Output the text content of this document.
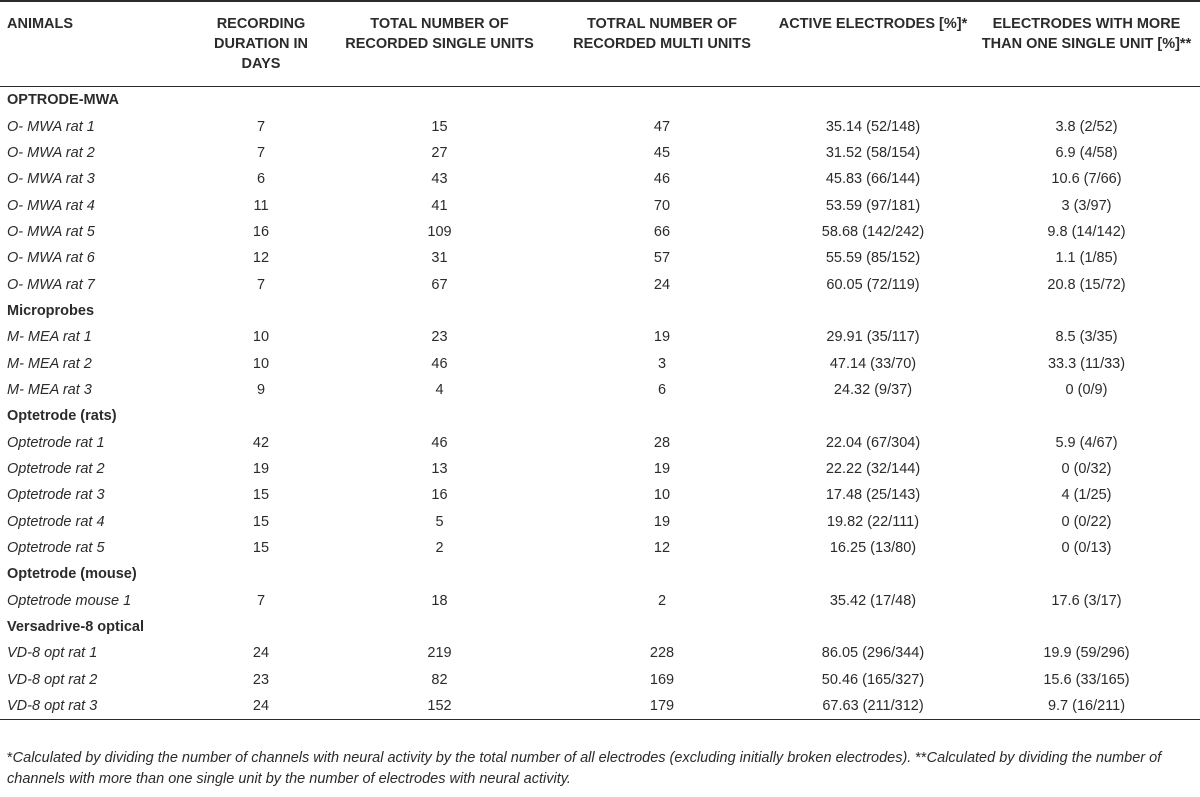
ANIMALS	RECORDING DURATION IN DAYS	TOTAL NUMBER OF RECORDED SINGLE UNITS	TOTRAL NUMBER OF RECORDED MULTI UNITS	ACTIVE ELECTRODES [%]*	ELECTRODES WITH MORE THAN ONE SINGLE UNIT [%]**
OPTRODE-MWA					
O- MWA rat 1	7	15	47	35.14 (52/148)	3.8 (2/52)
O- MWA rat 2	7	27	45	31.52 (58/154)	6.9 (4/58)
O- MWA rat 3	6	43	46	45.83 (66/144)	10.6 (7/66)
O- MWA rat 4	11	41	70	53.59 (97/181)	3 (3/97)
O- MWA rat 5	16	109	66	58.68 (142/242)	9.8 (14/142)
O- MWA rat 6	12	31	57	55.59 (85/152)	1.1 (1/85)
O- MWA rat 7	7	67	24	60.05 (72/119)	20.8 (15/72)
Microprobes					
M- MEA rat 1	10	23	19	29.91 (35/117)	8.5 (3/35)
M- MEA rat 2	10	46	3	47.14 (33/70)	33.3 (11/33)
M- MEA rat 3	9	4	6	24.32 (9/37)	0 (0/9)
Optetrode (rats)					
Optetrode rat 1	42	46	28	22.04 (67/304)	5.9 (4/67)
Optetrode rat 2	19	13	19	22.22 (32/144)	0 (0/32)
Optetrode rat 3	15	16	10	17.48 (25/143)	4 (1/25)
Optetrode rat 4	15	5	19	19.82 (22/111)	0 (0/22)
Optetrode rat 5	15	2	12	16.25 (13/80)	0 (0/13)
Optetrode (mouse)					
Optetrode mouse 1	7	18	2	35.42 (17/48)	17.6 (3/17)
Versadrive-8 optical					
VD-8 opt rat 1	24	219	228	86.05 (296/344)	19.9 (59/296)
VD-8 opt rat 2	23	82	169	50.46 (165/327)	15.6 (33/165)
VD-8 opt rat 3	24	152	179	67.63 (211/312)	9.7 (16/211)
*Calculated by dividing the number of channels with neural activity by the total number of all electrodes (excluding initially broken electrodes). **Calculated by dividing the number of channels with more than one single unit by the number of electrodes with neural activity.
